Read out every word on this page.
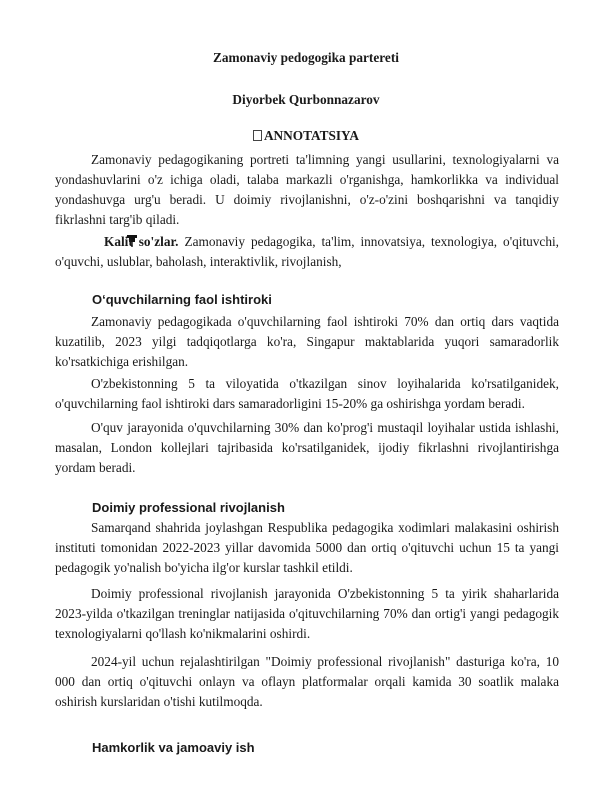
Zamonaviy pedogogika partereti
Diyorbek Qurbonnazarov
ANNOTATSIYA
Zamonaviy pedagogikaning portreti ta'limning yangi usullarini, texnologiyalarni va yondashuvlarini o'z ichiga oladi, talaba markazli o'rganishga, hamkorlikka va individual yondashuvga urg'u beradi. U doimiy rivojlanishni, o'z-o'zini boshqarishni va tanqidiy fikrlashni targ'ib qiladi.
Kalit so'zlar. Zamonaviy pedagogika, ta'lim, innovatsiya, texnologiya, o'qituvchi, o'quvchi, uslublar, baholash, interaktivlik, rivojlanish,
O‘quvchilarning faol ishtiroki
Zamonaviy pedagogikada o'quvchilarning faol ishtiroki 70% dan ortiq dars vaqtida kuzatilib, 2023 yilgi tadqiqotlarga ko'ra, Singapur maktablarida yuqori samaradorlik ko'rsatkichiga erishilgan.
O'zbekistonning 5 ta viloyatida o'tkazilgan sinov loyihalarida ko'rsatilganidek, o'quvchilarning faol ishtiroki dars samaradorligini 15-20% ga oshirishga yordam beradi.
O'quv jarayonida o'quvchilarning 30% dan ko'prog'i mustaqil loyihalar ustida ishlashi, masalan, London kollejlari tajribasida ko'rsatilganidek, ijodiy fikrlashni rivojlantirishga yordam beradi.
Doimiy professional rivojlanish
Samarqand shahrida joylashgan Respublika pedagogika xodimlari malakasini oshirish instituti tomonidan 2022-2023 yillar davomida 5000 dan ortiq o'qituvchi uchun 15 ta yangi pedagogik yo'nalish bo'yicha ilg'or kurslar tashkil etildi.
Doimiy professional rivojlanish jarayonida O'zbekistonning 5 ta yirik shaharlarida 2023-yilda o'tkazilgan treninglar natijasida o'qituvchilarning 70% dan ortig'i yangi pedagogik texnologiyalarni qo'llash ko'nikmalarini oshirdi.
2024-yil uchun rejalashtirilgan "Doimiy professional rivojlanish" dasturiga ko'ra, 10 000 dan ortiq o'qituvchi onlayn va oflayn platformalar orqali kamida 30 soatlik malaka oshirish kurslaridan o'tishi kutilmoqda.
Hamkorlik va jamoaviy ish
